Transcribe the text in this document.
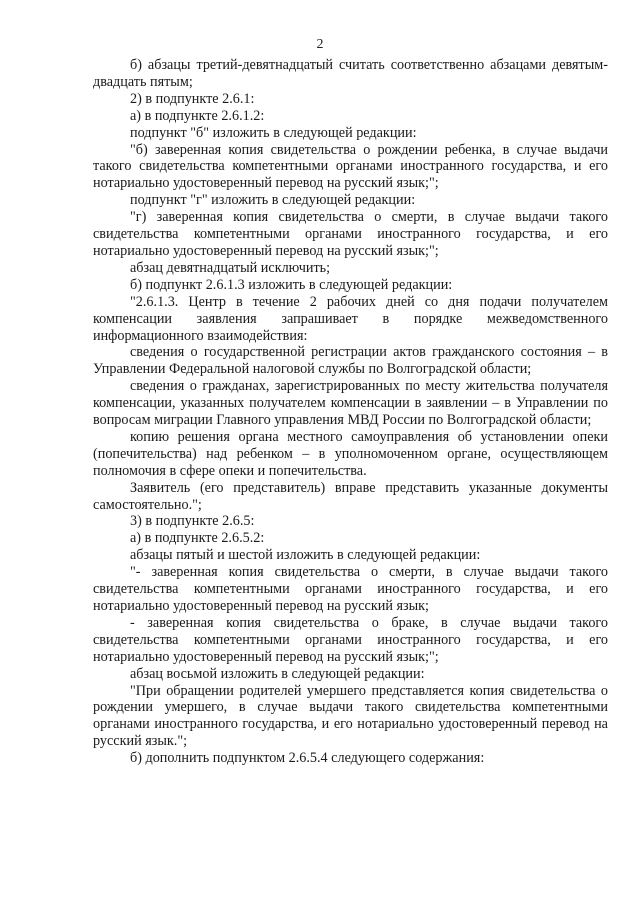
2

б) абзацы третий-девятнадцатый считать соответственно абзацами девятым-двадцать пятым;

2) в подпункте 2.6.1:

а) в подпункте 2.6.1.2:

подпункт "б" изложить в следующей редакции:

"б) заверенная копия свидетельства о рождении ребенка, в случае выдачи такого свидетельства компетентными органами иностранного государства, и его нотариально удостоверенный перевод на русский язык;";

подпункт "г" изложить в следующей редакции:

"г) заверенная копия свидетельства о смерти, в случае выдачи такого свидетельства компетентными органами иностранного государства, и его нотариально удостоверенный перевод на русский язык;";

абзац девятнадцатый исключить;

б) подпункт 2.6.1.3 изложить в следующей редакции:

"2.6.1.3. Центр в течение 2 рабочих дней со дня подачи получателем компенсации заявления запрашивает в порядке межведомственного информационного взаимодействия:

сведения о государственной регистрации актов гражданского состояния – в Управлении Федеральной налоговой службы по Волгоградской области;

сведения о гражданах, зарегистрированных по месту жительства получателя компенсации, указанных получателем компенсации в заявлении – в Управлении по вопросам миграции Главного управления МВД России по Волгоградской области;

копию решения органа местного самоуправления об установлении опеки (попечительства) над ребенком – в уполномоченном органе, осуществляющем полномочия в сфере опеки и попечительства.

Заявитель (его представитель) вправе представить указанные документы самостоятельно.";

3) в подпункте 2.6.5:

а) в подпункте 2.6.5.2:

абзацы пятый и шестой изложить в следующей редакции:

"- заверенная копия свидетельства о смерти, в случае выдачи такого свидетельства компетентными органами иностранного государства, и его нотариально удостоверенный перевод на русский язык;

- заверенная копия свидетельства о браке, в случае выдачи такого свидетельства компетентными органами иностранного государства, и его нотариально удостоверенный перевод на русский язык;";

абзац восьмой изложить в следующей редакции:

"При обращении родителей умершего представляется копия свидетельства о рождении умершего, в случае выдачи такого свидетельства компетентными органами иностранного государства, и его нотариально удостоверенный перевод на русский язык.";

б) дополнить подпунктом 2.6.5.4 следующего содержания:
